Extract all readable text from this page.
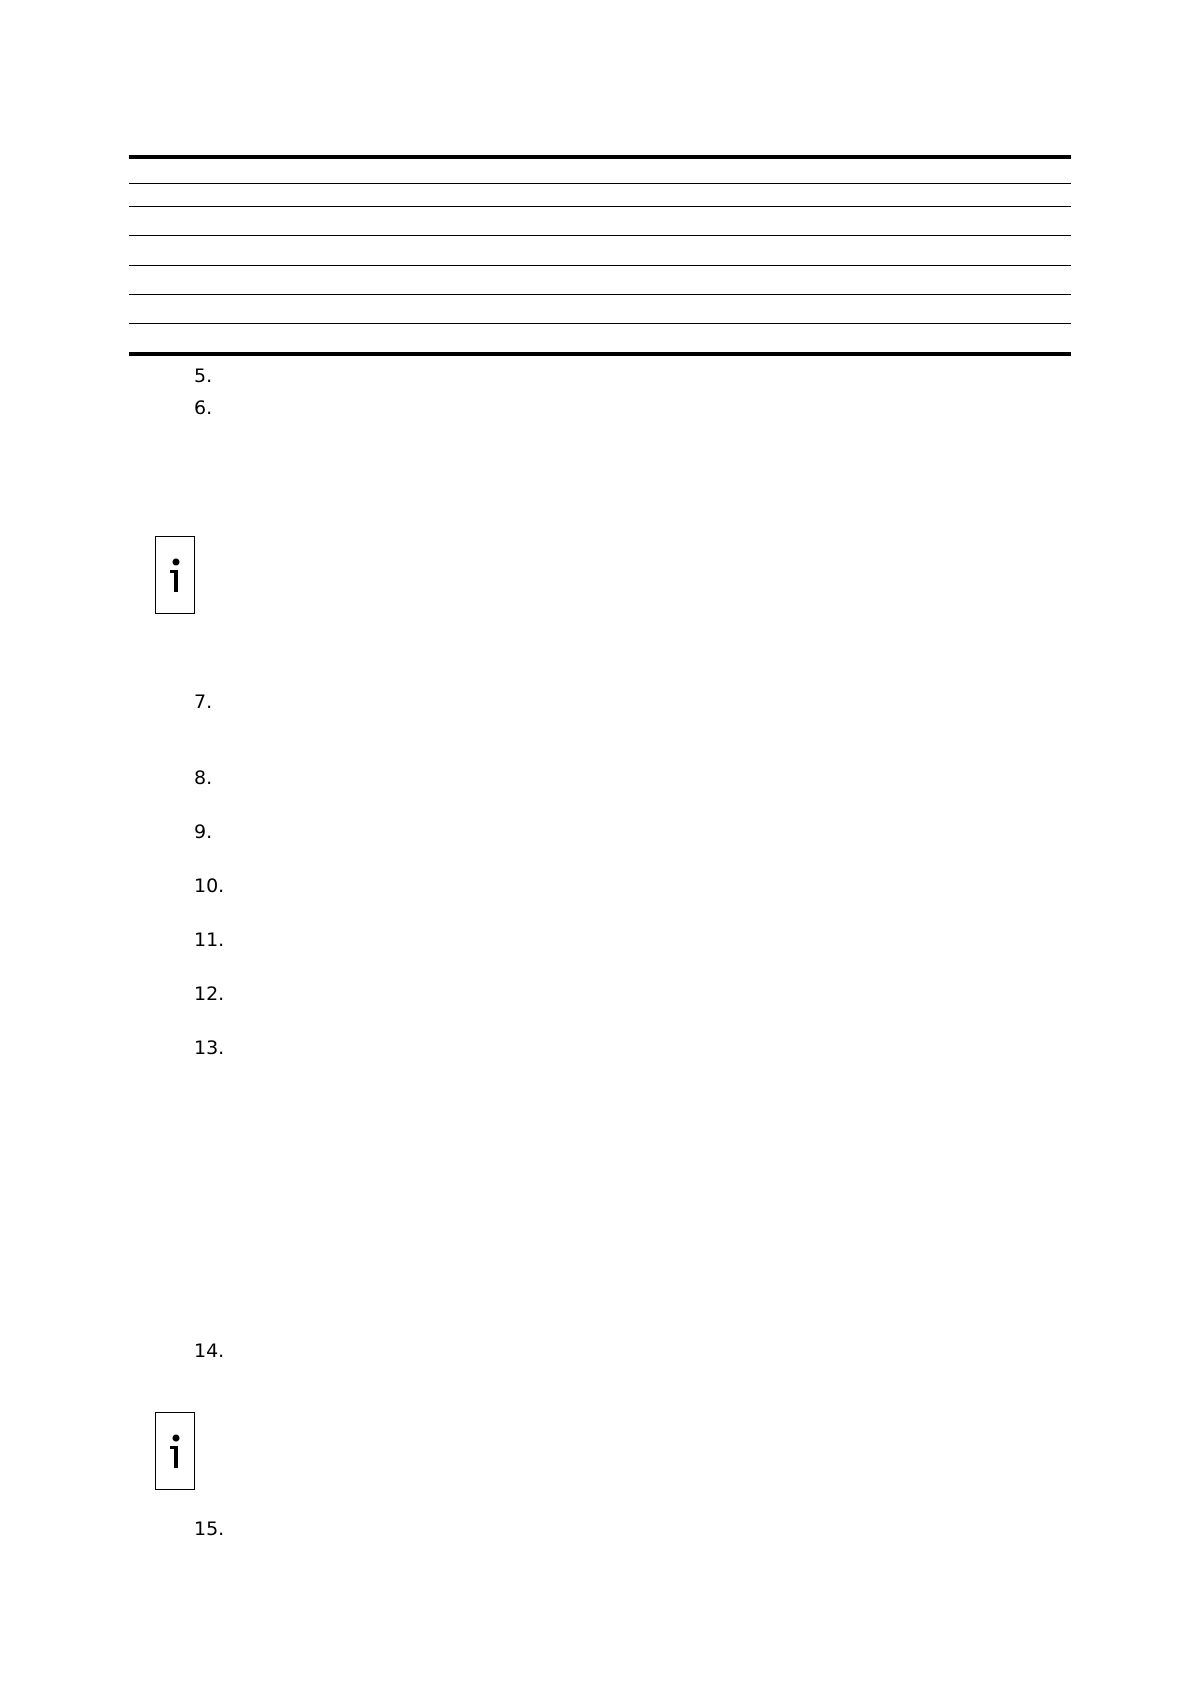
5.
6.
7.
8.
9.
10.
11.
12.
13.
14.
15.
